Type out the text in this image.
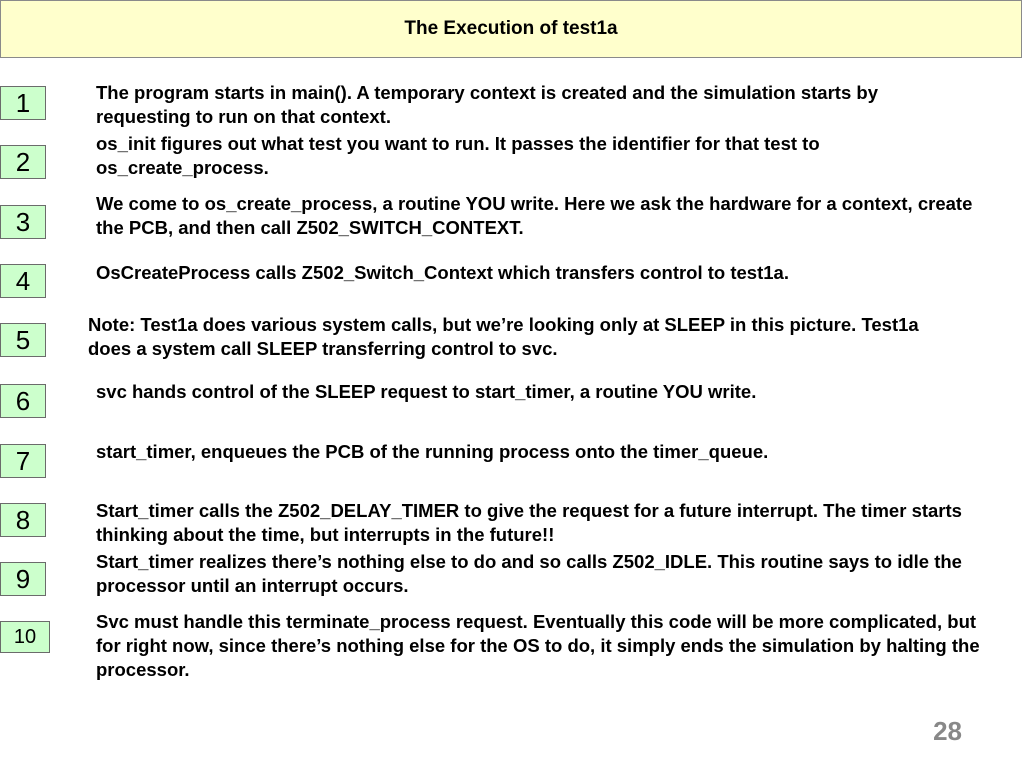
The Execution of test1a
1
2
3
4
5
6
7
8
9
10
The program starts in main(). A temporary context is created and the simulation starts by requesting to run on that context.
os_init figures out what test you want to run. It passes the identifier for that test to os_create_process.
We come to os_create_process, a routine YOU write. Here we ask the hardware for a context, create the PCB, and then call Z502_SWITCH_CONTEXT.
OsCreateProcess calls Z502_Switch_Context which transfers control to test1a.
Note: Test1a does various system calls, but we’re looking only at SLEEP in this picture. Test1a does a system call SLEEP transferring control to svc.
svc hands control of the SLEEP request to start_timer, a routine YOU write.
start_timer, enqueues the PCB of the running process onto the timer_queue.
Start_timer calls the Z502_DELAY_TIMER to give the request for a future interrupt. The timer starts thinking about the time, but interrupts in the future!!
Start_timer realizes there’s nothing else to do and so calls Z502_IDLE. This routine says to idle the processor until an interrupt occurs.
Svc must handle this terminate_process request. Eventually this code will be more complicated, but for right now, since there’s nothing else for the OS to do, it simply ends the simulation by halting the processor.
28
